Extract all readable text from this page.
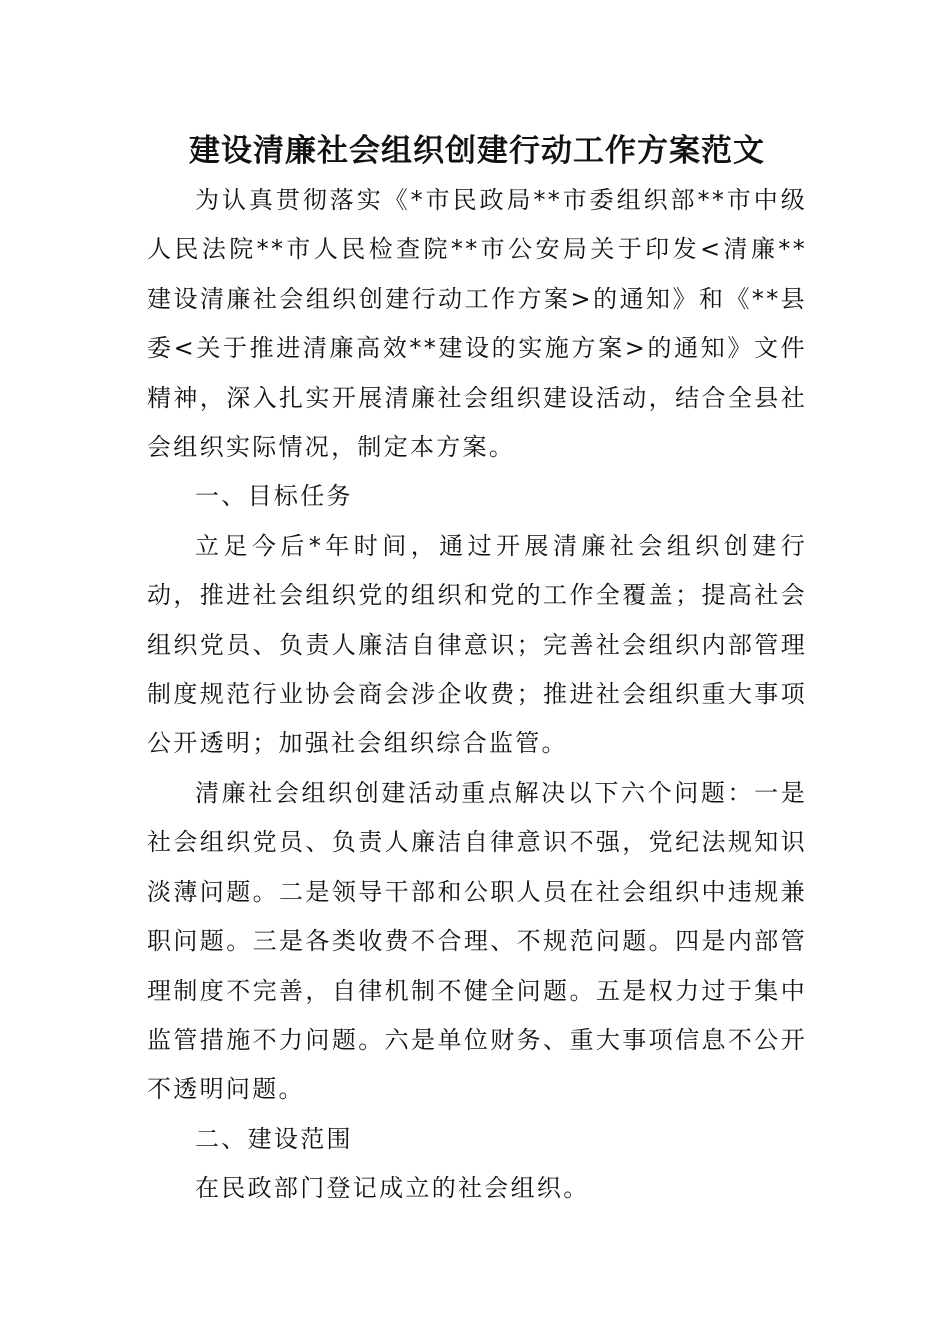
建设清廉社会组织创建行动工作方案范文

为认真贯彻落实《*市民政局**市委组织部**市中级人民法院**市人民检查院**市公安局关于印发<清廉**建设清廉社会组织创建行动工作方案>的通知》和《**县委<关于推进清廉高效**建设的实施方案>的通知》文件精神，深入扎实开展清廉社会组织建设活动，结合全县社会组织实际情况，制定本方案。

一、目标任务

立足今后*年时间，通过开展清廉社会组织创建行动，推进社会组织党的组织和党的工作全覆盖；提高社会组织党员、负责人廉洁自律意识；完善社会组织内部管理制度规范行业协会商会涉企收费；推进社会组织重大事项公开透明；加强社会组织综合监管。

清廉社会组织创建活动重点解决以下六个问题：一是社会组织党员、负责人廉洁自律意识不强，党纪法规知识淡薄问题。二是领导干部和公职人员在社会组织中违规兼职问题。三是各类收费不合理、不规范问题。四是内部管理制度不完善，自律机制不健全问题。五是权力过于集中监管措施不力问题。六是单位财务、重大事项信息不公开不透明问题。

二、建设范围

在民政部门登记成立的社会组织。
